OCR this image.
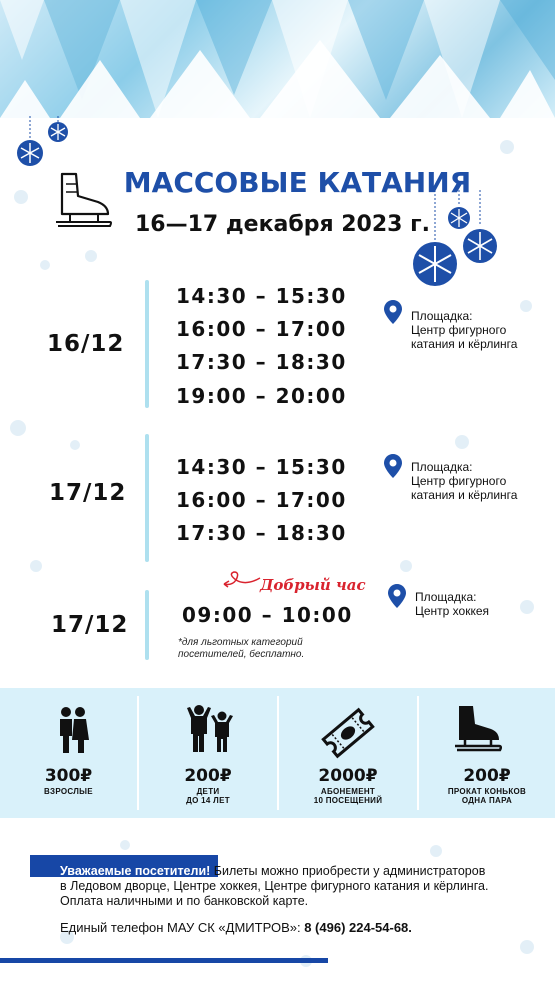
МАССОВЫЕ КАТАНИЯ
16—17 декабря 2023 г.
16/12
14:30 – 15:30
16:00 – 17:00
17:30 – 18:30
19:00 – 20:00
Площадка:
Центр фигурного катания и кёрлинга
17/12
14:30 – 15:30
16:00 – 17:00
17:30 – 18:30
Площадка:
Центр фигурного катания и кёрлинга
17/12
Добрый час
09:00 – 10:00
*для льготных категорий посетителей, бесплатно.
Площадка:
Центр хоккея
300₽
ВЗРОСЛЫЕ
200₽
ДЕТИ
ДО 14 ЛЕТ
2000₽
АБОНЕМЕНТ
10 ПОСЕЩЕНИЙ
200₽
ПРОКАТ КОНЬКОВ
ОДНА ПАРА
Уважаемые посетители! Билеты можно приобрести у администраторов
в Ледовом дворце, Центре хоккея, Центре фигурного катания и кёрлинга.
Оплата наличными и по банковской карте.
Единый телефон МАУ СК «ДМИТРОВ»: 8 (496) 224-54-68.
